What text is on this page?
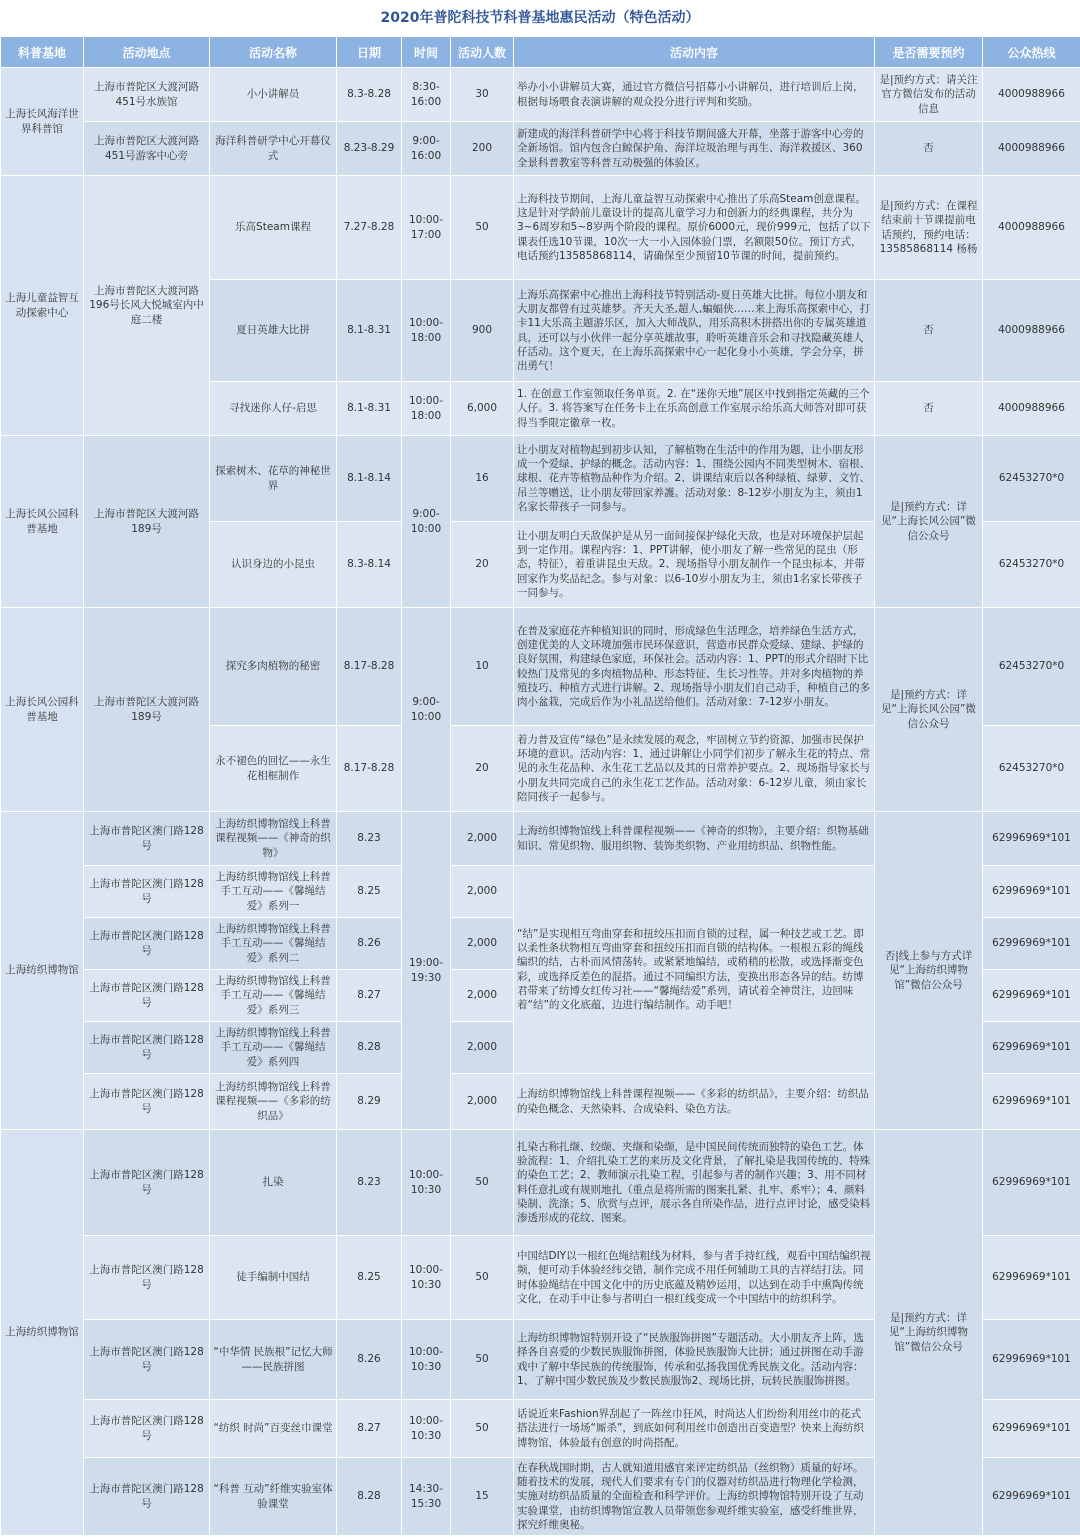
2020年普陀科技节科普基地惠民活动（特色活动）
科普基地	活动地点	活动名称	日期	时间	活动人数	活动内容	是否需要预约	公众热线
上海长风海洋世界科普馆	上海市普陀区大渡河路451号水族馆	小小讲解员	8.3-8.28	8:30-16:00	30	举办小小讲解员大赛，通过官方微信号招募小小讲解员，进行培训后上岗，根据每场喂食表演讲解的观众投分进行评判和奖励。	是|预约方式：请关注官方微信发布的活动信息	4000988966
	上海市普陀区大渡河路451号游客中心旁	海洋科普研学中心开幕仪式	8.23-8.29	9:00-16:00	200	新建成的海洋科普研学中心将于科技节期间盛大开幕，坐落于游客中心旁的全新场馆。馆内包含白鲸保护角、海洋垃圾治理与再生、海洋救援区、360全景科普教室等科普互动极强的体验区。	否	4000988966
上海儿童益智互动探索中心	上海市普陀区大渡河路196号长风大悦城室内中庭二楼	乐高Steam课程	7.27-8.28	10:00-17:00	50	上海科技节期间，上海儿童益智互动探索中心推出了乐高Steam创意课程。这是针对学龄前儿童设计的提高儿童学习力和创新力的经典课程，共分为3~6周岁和5~8岁两个阶段的课程。原价6000元，现价999元，包括了以下课表任选10节课，10次一大一小入园体验门票，名额限50位。预订方式，电话预约13585868114，请确保至少预留10节课的时间，提前预约。	是|预约方式：在课程结束前十节课提前电话预约，预约电话：13585868114 杨杨	4000988966
		夏日英雄大比拼	8.1-8.31	10:00-18:00	900	上海乐高探索中心推出上海科技节特别活动-夏日英雄大比拼。每位小朋友和大朋友都曾有过英雄梦。齐天大圣,超人,蝙蝠侠……来上海乐高探索中心，打卡11大乐高主题游乐区，加入大师战队，用乐高积木拼搭出你的专属英雄道具，还可以与小伙伴一起分享英雄故事，聆听英雄音乐会和寻找隐藏英雄人仔活动。这个夏天，在上海乐高探索中心一起化身小小英雄，学会分享，拼出勇气！	否	4000988966
		寻找迷你人仔-启思	8.1-8.31	10:00-18:00	6,000	1. 在创意工作室领取任务单页。2. 在“迷你天地”展区中找到指定英藏的三个人仔。3. 将答案写在任务卡上在乐高创意工作室展示给乐高大师答对即可获得当季限定徽章一枚。	否	4000988966
上海长风公园科普基地	上海市普陀区大渡河路189号	探索树木、花草的神秘世界	8.1-8.14	9:00-10:00	16	让小朋友对植物起到初步认知，了解植物在生活中的作用为题，让小朋友形成一个爱绿、护绿的概念。活动内容：1、围绕公园内不同类型树木、宿根、球根、花卉等植物品种作为介绍。2、讲课结束后以各种绿植、绿萝、文竹、吊兰等赠送，让小朋友带回家养護。活动对象：8-12岁小朋友为主，须由1名家长带孩子一同参与。	是|预约方式：详见“上海长风公园”微信公众号	62453270*0
		认识身边的小昆虫	8.3-8.14		20	让小朋友明白天敌保护是从另一面间接保护绿化天敌，也是对环境保护层起到一定作用。课程内容：1、PPT讲解，使小朋友了解一些常见的昆虫（形态，特征），着重讲昆虫天敌。2、现场指导小朋友制作一个昆虫标本，并带回家作为奖品纪念。参与对象：以6-10岁小朋友为主，须由1名家长带孩子一同参与。		62453270*0
上海长风公园科普基地	上海市普陀区大渡河路189号	探究多肉植物的秘密	8.17-8.28	9:00-10:00	10	在普及家庭花卉种植知识的同时，形成绿色生活理念，培养绿色生活方式，创建优美的人文环境加强市民环保意识，营造市民群众爱绿、建绿、护绿的良好氛围，构建绿色家庭，环保社会。活动内容：1、PPT的形式介绍时下比较热门及常见的多肉植物品种、形态特征、生长习性等。并对多肉植物的养殖技巧、种植方式进行讲解。2、现场指导小朋友们自己动手，种植自己的多肉小盆栽，完成后作为小礼品送给他们。活动对象：7-12岁小朋友。	是|预约方式：详见“上海长风公园”微信公众号	62453270*0
		永不褪色的回忆——永生花相框制作	8.17-8.28		20	着力普及宣传“绿色”是永续发展的观念，牢固树立节约资源、加强市民保护环境的意识。活动内容：1、通过讲解让小同学们初步了解永生花的特点、常见的永生花品种、永生花工艺品以及其的日常养护要点。2、现场指导家长与小朋友共同完成自己的永生花工艺作品。活动对象：6-12岁儿童，须由家长陪同孩子一起参与。		62453270*0
上海纺织博物馆	上海市普陀区澳门路128号	上海纺织博物馆线上科普课程视频——《神奇的织物》	8.23	19:00-19:30	2,000	上海纺织博物馆线上科普课程视频——《神奇的织物》，主要介绍：织物基础知识、常见织物、服用织物、装饰类织物、产业用纺织品、织物性能。	否|线上参与方式详见“上海纺织博物馆”微信公众号	62996969*101
	上海市普陀区澳门路128号	上海纺织博物馆线上科普手工互动——《馨绳结爱》系列一	8.25		2,000	“结”是实现相互弯曲穿套和扭绞压扣而自锁的过程，属一种技艺或工艺。即以柔性条状物相互弯曲穿套和扭绞压扣而自锁的结构体。一根根五彩的绳线编织的结，古朴而风情荡转。或紧紧地编结，或稍稍的松散，或选择渐变色彩，或选择反差色的混搭。通过不同编织方法，变换出形态各异的结。纺博君带来了纺博女红传习社——“馨绳结爱”系列，请试着全神贯注，边回味着“结”的文化底蕴，边进行编结制作。动手吧！		62996969*101
	上海市普陀区澳门路128号	上海纺织博物馆线上科普手工互动——《馨绳结爱》系列二	8.26		2,000			62996969*101
	上海市普陀区澳门路128号	上海纺织博物馆线上科普手工互动——《馨绳结爱》系列三	8.27		2,000			62996969*101
	上海市普陀区澳门路128号	上海纺织博物馆线上科普手工互动——《馨绳结爱》系列四	8.28		2,000			62996969*101
	上海市普陀区澳门路128号	上海纺织博物馆线上科普课程视频——《多彩的纺织品》	8.29		2,000	上海纺织博物馆线上科普课程视频——《多彩的纺织品》，主要介绍：纺织品的染色概念、天然染料、合成染料、染色方法。		62996969*101
上海纺织博物馆	上海市普陀区澳门路128号	扎染	8.23	10:00-10:30	50	扎染古称扎缬、绞缬、夹缬和染缬，是中国民间传统而独特的染色工艺。体验流程：1、介绍扎染工艺的来历及文化背景，了解扎染是我国传统的、特殊的染色工艺；2、教师演示扎染工程，引起参与者的制作兴趣；3、用不同材料任意扎或有规则地扎（重点是将所需的图案扎紧、扎牢、系牢）；4、颜料染制、洗涤；5、欣赏与点评，展示各自所染作品，进行点评讨论，感受染料渗透形成的花纹、图案。	是|预约方式：详见“上海纺织博物馆”微信公众号	62996969*101
	上海市普陀区澳门路128号	徒手编制中国结	8.25	10:00-10:30	50	中国结DIY以一根红色绳结粗线为材料，参与者手持红线，观看中国结编织视频，便可动手体验经纬交错，制作完成不用任何辅助工具的吉祥结打法。同时体验绳结在中国文化中的历史底蕴及精妙运用，以达到在动手中熏陶传统文化，在动手中让参与者明白一根红线变成一个中国结中的纺织科学。		62996969*101
	上海市普陀区澳门路128号	“中华情 民族根”记忆大师——民族拼图	8.26	10:00-10:30	50	上海纺织博物馆特别开设了“民族服饰拼图”专题活动。大小朋友齐上阵，选择各自喜爱的少数民族服饰拼图，体验民族服饰大比拼；通过拼图在动手游戏中了解中华民族的传统服饰，传承和弘扬我国优秀民族文化。活动内容：1、了解中国少数民族及少数民族服饰2、现场比拼，玩转民族服饰拼图。		62996969*101
	上海市普陀区澳门路128号	“纺织 时尚”百变丝巾课堂	8.27	10:00-10:30	50	话说近来Fashion界刮起了一阵丝巾狂风，时尚达人们纷纷利用丝巾的花式搭法进行一场场“厮杀”，到底如何利用丝巾创造出百变造型？快来上海纺织博物馆，体验最有创意的时尚搭配。		62996969*101
	上海市普陀区澳门路128号	“科普 互动”纤维实验室体验课堂	8.28	14:30-15:30	15	在春秋战国时期，古人就知道用感官来评定纺织品（丝织物）质量的好坏。随着技术的发展，现代人们要求有专门的仪器对纺织品进行物理化学检测，实施对纺织品质量的全面检查和科学评价。上海纺织博物馆特别开设了互动实验课堂，由纺织博物馆宣教人员带领您参观纤维实验室，感受纤维世界，探究纤维奥秘。		62996969*101
